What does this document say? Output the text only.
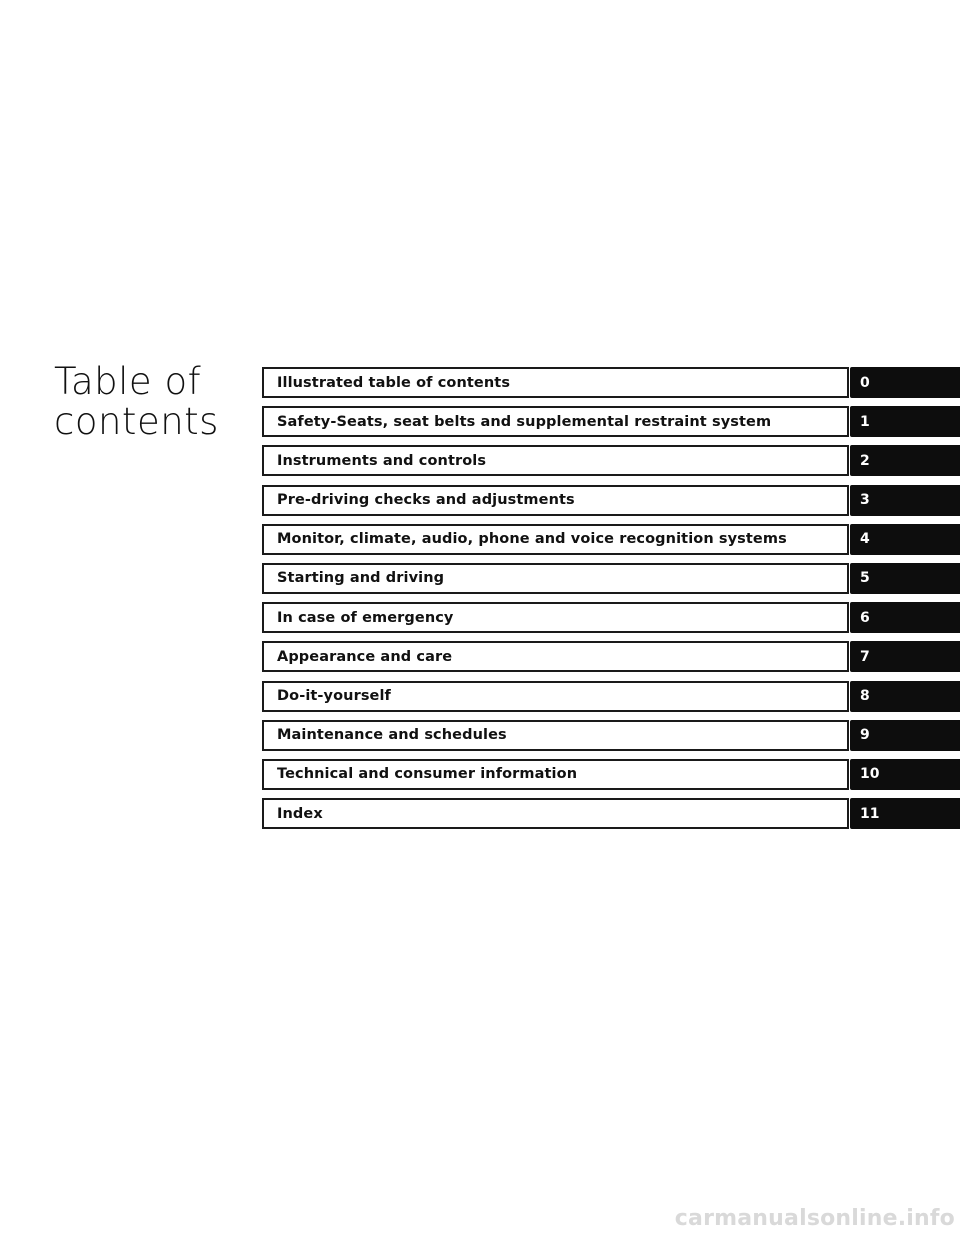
Table of
contents
Illustrated table of contents	0
Safety-Seats, seat belts and supplemental restraint system	1
Instruments and controls	2
Pre-driving checks and adjustments	3
Monitor, climate, audio, phone and voice recognition systems	4
Starting and driving	5
In case of emergency	6
Appearance and care	7
Do-it-yourself	8
Maintenance and schedules	9
Technical and consumer information	10
Index	11
carmanualsonline.info
